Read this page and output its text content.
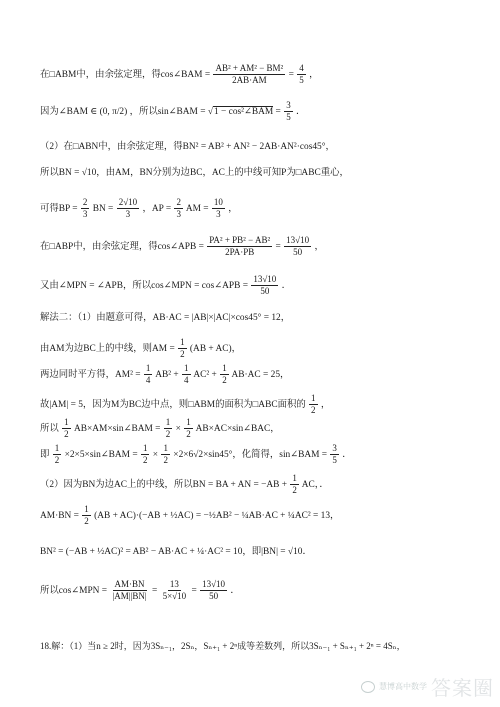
在□ABM中，由余弦定理，得cos∠BAM = $\frac{\text{AB² + AM² − BM²}}{2AB\cdot AM} = \frac{4}{5}$ ，
因为∠BAM ∈ (0, π/2) ，所以sin∠BAM = √1 − cos²∠BAM = $\frac{3}{5}$ ．
（2）在□ABN中，由余弦定理，得BN² = AB² + AN² − 2AB·AN²·cos45°，
所以BN = √10，由AM，BN分别为边BC，AC上的中线可知P为□ABC重心，
可得BP = $\frac{2}{3}$ BN = $\frac{2√10}{3}$ ，AP = $\frac{2}{3}$ AM = $\frac{10}{3}$ ，
在□ABP中，由余弦定理，得cos∠APB = $\frac{\text{PA² + PB² − AB²}}{2PA\cdot PB} = \frac{13√10}{50}$ ，
又由∠MPN = ∠APB，所以cos∠MPN = cos∠APB = $\frac{13√10}{50}$ ．
解法二：（1）由题意可得，AB·AC = |AB|×|AC|×cos45° = 12，
由AM为边BC上的中线，则AM = $\frac{1}{2} (AB + AC)$，
两边同时平方得，$AM^2 = \frac{1}{4} AB^2 + \frac{1}{4} AC^2 + \frac{1}{2} AB\cdot AC = 25$，
故|AM| = 5，因为M为BC边中点，则□ABM的面积为□ABC面积的 $\frac{1}{2}$ ，
所以 $\frac{1}{2}$ AB×AM×sin∠BAM = $\frac{1}{2} \times \frac{1}{2}$ AB×AC×sin∠BAC，
即 $\frac{1}{2}$ ×2×5×sin∠BAM = $\frac{1}{2} \times \frac{1}{2} \times 2\times 6√2\times\sin 45^\circ$，化简得，sin∠BAM = $\frac{3}{5}$ ．
（2）因为BN为边AC上的中线，所以BN = BA + AN = $-AB + \frac{1}{2}$ AC，．
$AM\cdot BN = \frac{1}{2} (AB + AC)\cdot(-AB$ + ½AC) = −½AB² − ¼AB·AC + ¼AC² = 13，
BN² = (−AB + ½AC)² = AB² − AB·AC + ¼·AC² = 10，即|BN| = √10．
所以cos∠MPN = $\frac{AM\cdot BN}{|AM||BN|} = \frac{13}{5\times√10} = \frac{13√10}{50}$ ．
18.解：（1）当n ≥ 2时，因为3Sₙ₋₁，2Sₙ，Sₙ₊₁ + 2ⁿ成等差数列，所以3Sₙ₋₁ + Sₙ₊₁ + 2ⁿ = 4Sₙ，
慧博高中数学 答案圈
